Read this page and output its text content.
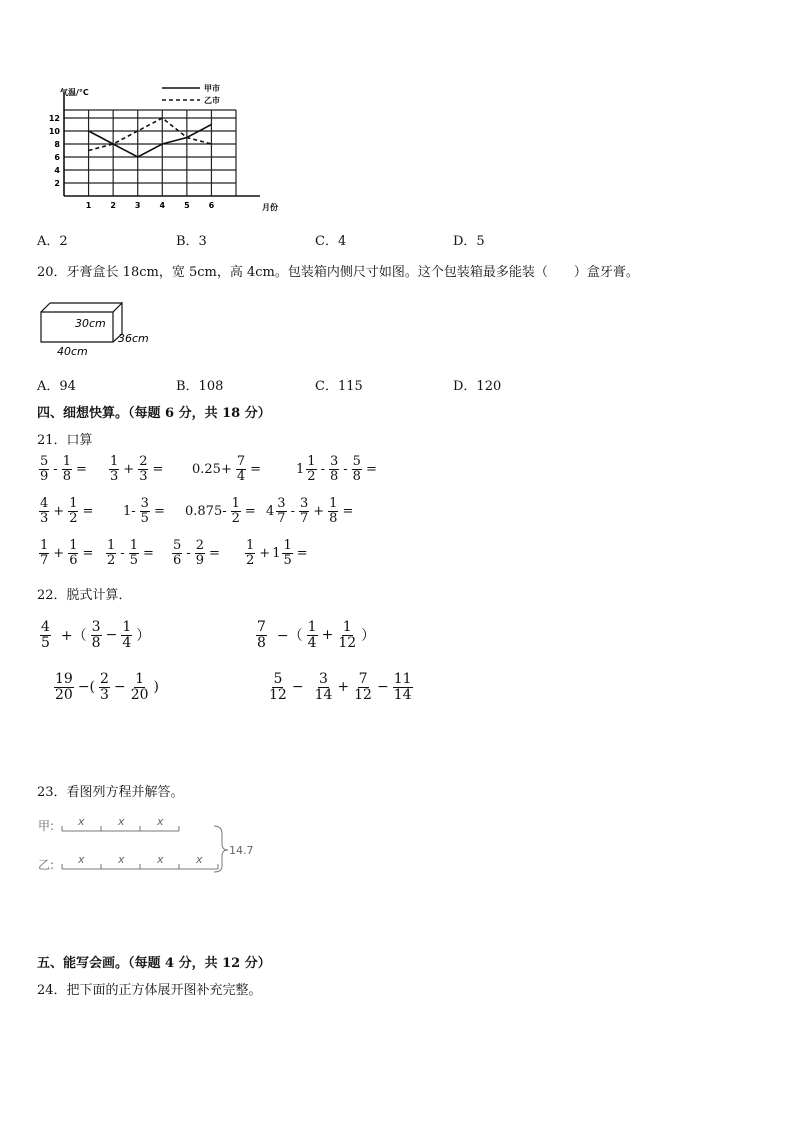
2
4
6
8
10
12
1 2 3 4 5 6
气温/°C
月份
甲市
乙市
A．2	B．3	C．4	D．5
20．牙膏盒长 18cm，宽 5cm，高 4cm。包装箱内侧尺寸如图。这个包装箱最多能装（　　）盒牙膏。
30cm
36cm
40cm
A．94	B．108	C．115	D．120
四、细想快算。（每题 6 分，共 18 分）
21．口算
$\frac{5}{9} - \frac{1}{8} = \frac{1}{3} + \frac{2}{3} = 0.25+ \frac{7}{4}$ =	$1 \frac{1}{2} - \frac{3}{8} - \frac{5}{8}$ =
$\frac{4}{3} + \frac{1}{2} = 1- \frac{3}{5} = 0.875- \frac{1}{2} = 4 \frac{3}{7} - \frac{3}{7} + \frac{1}{8}$ =
$\frac{1}{7} + \frac{1}{6} = \frac{1}{2} - \frac{1}{5} = \frac{5}{6} - \frac{2}{9} = \frac{1}{2} + 1 \frac{1}{5}$ =
22．脱式计算．
$\frac{4}{5}$ +（ $\frac{3}{8} - \frac{1}{4}$ ）	$\frac{7}{8}$ −（ $\frac{1}{4} + \frac{1}{12}$ ）
$\frac{19}{20}$ −( $\frac{2}{3} - \frac{1}{20}$ )	$\frac{5}{12} - \frac{3}{14} + \frac{7}{12} - \frac{11}{14}$
23．看图列方程并解答。
甲:
乙:
x	x	x
x	x	x	x
14.7
五、能写会画。（每题 4 分，共 12 分）
24．把下面的正方体展开图补充完整。
